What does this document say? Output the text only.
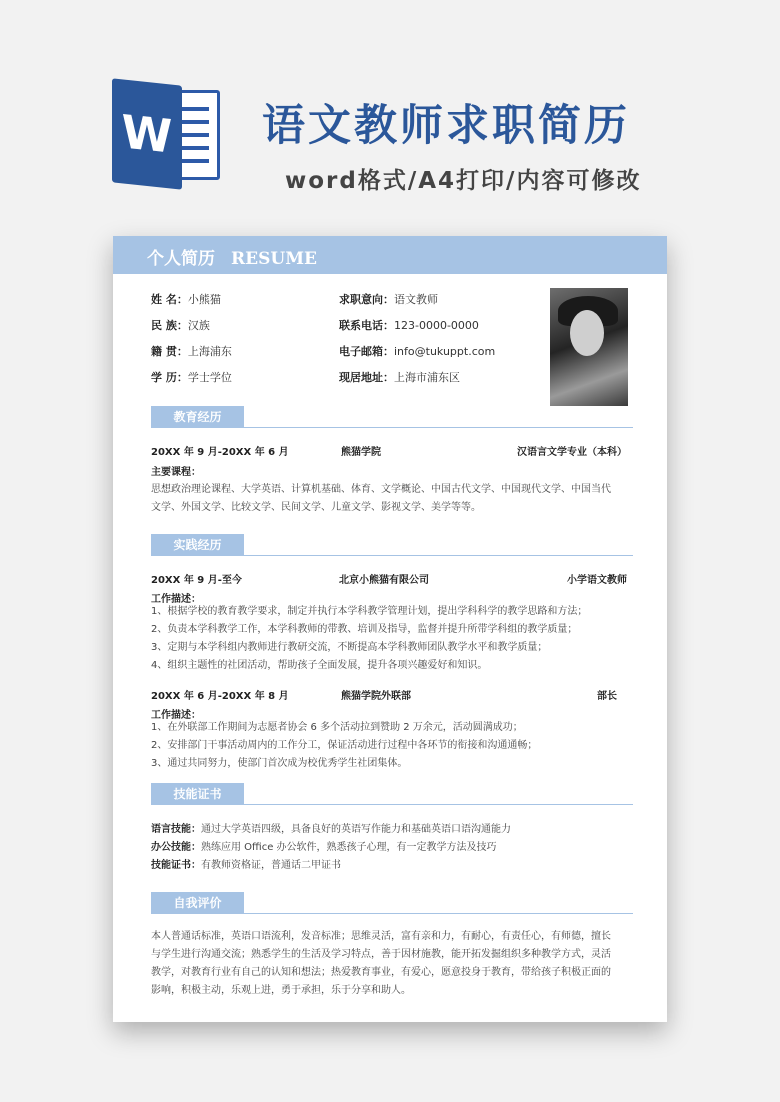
W 语文教师求职简历
word格式/A4打印/内容可修改
个人简历 RESUME
姓 名：小熊猫
民 族：汉族
籍 贯：上海浦东
学 历：学士学位
求职意向：语文教师
联系电话：123-0000-0000
电子邮箱：info@tukuppt.com
现居地址：上海市浦东区
教育经历
20XX 年 9 月-20XX 年 6 月	熊猫学院	汉语言文学专业（本科）
主要课程：

思想政治理论课程、大学英语、计算机基础、体育、文学概论、中国古代文学、中国现代文学、中国当代

文学、外国文学、比较文学、民间文学、儿童文学、影视文学、美学等等。

实践经历
20XX 年 9 月-至今	北京小熊猫有限公司	小学语文教师
工作描述：

1、根据学校的教育教学要求，制定并执行本学科教学管理计划，提出学科科学的教学思路和方法；

2、负责本学科教学工作，本学科教师的带教、培训及指导，监督并提升所带学科组的教学质量；

3、定期与本学科组内教师进行教研交流，不断提高本学科教师团队教学水平和教学质量；

4、组织主题性的社团活动，帮助孩子全面发展，提升各项兴趣爱好和知识。

20XX 年 6 月-20XX 年 8 月	熊猫学院外联部	部长
工作描述：

1、在外联部工作期间为志愿者协会 6 多个活动拉到赞助 2 万余元，活动圆满成功；

2、安排部门干事活动周内的工作分工，保证活动进行过程中各环节的衔接和沟通通畅；

3、通过共同努力，使部门首次成为校优秀学生社团集体。

技能证书
语言技能：通过大学英语四级，具备良好的英语写作能力和基础英语口语沟通能力
办公技能：熟练应用 Office 办公软件，熟悉孩子心理，有一定教学方法及技巧
技能证书：有教师资格证，普通话二甲证书
自我评价

本人普通话标准，英语口语流利，发音标准；思维灵活，富有亲和力，有耐心，有责任心，有师德，擅长

与学生进行沟通交流；熟悉学生的生活及学习特点，善于因材施教，能开拓发掘组织多种教学方式，灵活

教学，对教育行业有自己的认知和想法；热爱教育事业，有爱心，愿意投身于教育，带给孩子积极正面的

影响，积极主动，乐观上进，勇于承担，乐于分享和助人。
